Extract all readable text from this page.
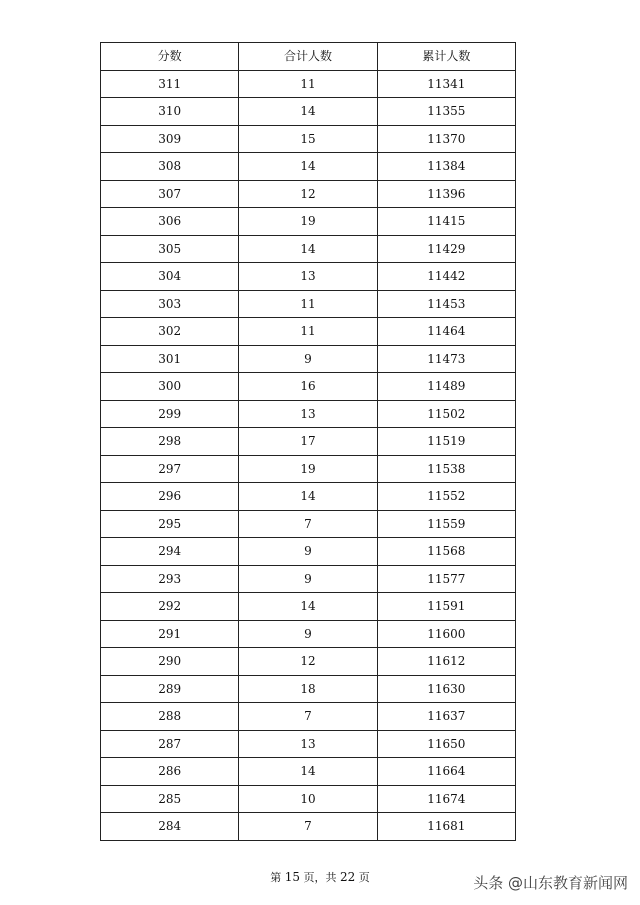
分数	合计人数	累计人数
311	11	11341
310	14	11355
309	15	11370
308	14	11384
307	12	11396
306	19	11415
305	14	11429
304	13	11442
303	11	11453
302	11	11464
301	9	11473
300	16	11489
299	13	11502
298	17	11519
297	19	11538
296	14	11552
295	7	11559
294	9	11568
293	9	11577
292	14	11591
291	9	11600
290	12	11612
289	18	11630
288	7	11637
287	13	11650
286	14	11664
285	10	11674
284	7	11681
第 15 页，共 22 页	头条 @山东教育新闻网
